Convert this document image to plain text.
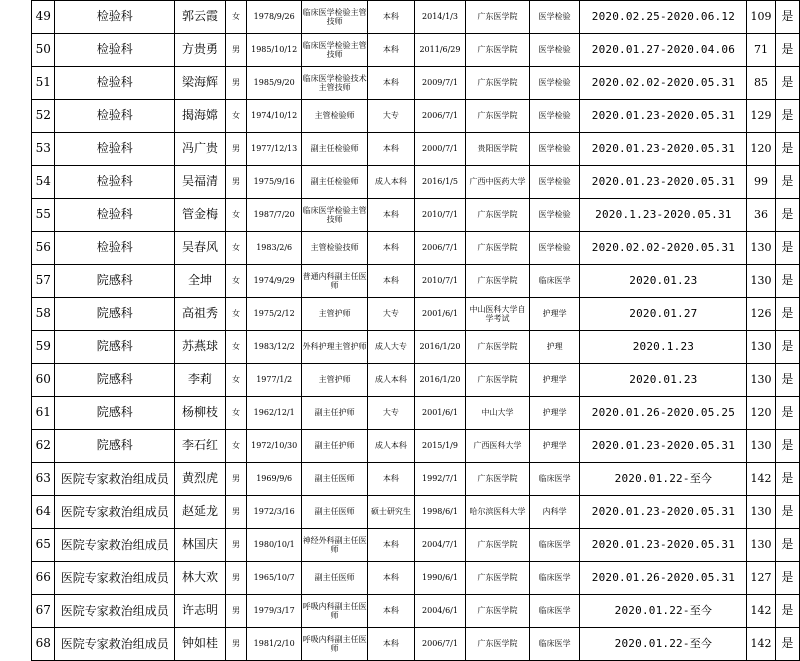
49	检验科	郭云霞	女	1978/9/26	临床医学检验主管技师	本科	2014/1/3	广东医学院	医学检验	2020.02.25-2020.06.12	109	是
50	检验科	方贵勇	男	1985/10/12	临床医学检验主管技师	本科	2011/6/29	广东医学院	医学检验	2020.01.27-2020.04.06	71	是
51	检验科	梁海辉	男	1985/9/20	临床医学检验技术主管技师	本科	2009/7/1	广东医学院	医学检验	2020.02.02-2020.05.31	85	是
52	检验科	揭海嫦	女	1974/10/12	主管检验师	大专	2006/7/1	广东医学院	医学检验	2020.01.23-2020.05.31	129	是
53	检验科	冯广贵	男	1977/12/13	副主任检验师	本科	2000/7/1	贵阳医学院	医学检验	2020.01.23-2020.05.31	120	是
54	检验科	吴福清	男	1975/9/16	副主任检验师	成人本科	2016/1/5	广西中医药大学	医学检验	2020.01.23-2020.05.31	99	是
55	检验科	管金梅	女	1987/7/20	临床医学检验主管技师	本科	2010/7/1	广东医学院	医学检验	2020.1.23-2020.05.31	36	是
56	检验科	吴春风	女	1983/2/6	主管检验技师	本科	2006/7/1	广东医学院	医学检验	2020.02.02-2020.05.31	130	是
57	院感科	全坤	女	1974/9/29	普通内科副主任医师	本科	2010/7/1	广东医学院	临床医学	2020.01.23	130	是
58	院感科	高祖秀	女	1975/2/12	主管护师	大专	2001/6/1	中山医科大学自学考试	护理学	2020.01.27	126	是
59	院感科	苏燕球	女	1983/12/2	外科护理主管护师	成人大专	2016/1/20	广东医学院	护理	2020.1.23	130	是
60	院感科	李莉	女	1977/1/2	主管护师	成人本科	2016/1/20	广东医学院	护理学	2020.01.23	130	是
61	院感科	杨柳枝	女	1962/12/1	副主任护师	大专	2001/6/1	中山大学	护理学	2020.01.26-2020.05.25	120	是
62	院感科	李石红	女	1972/10/30	副主任护师	成人本科	2015/1/9	广西医科大学	护理学	2020.01.23-2020.05.31	130	是
63	医院专家救治组成员	黄烈虎	男	1969/9/6	副主任医师	本科	1992/7/1	广东医学院	临床医学	2020.01.22-至今	142	是
64	医院专家救治组成员	赵延龙	男	1972/3/16	副主任医师	硕士研究生	1998/6/1	哈尔滨医科大学	内科学	2020.01.23-2020.05.31	130	是
65	医院专家救治组成员	林国庆	男	1980/10/1	神经外科副主任医师	本科	2004/7/1	广东医学院	临床医学	2020.01.23-2020.05.31	130	是
66	医院专家救治组成员	林大欢	男	1965/10/7	副主任医师	本科	1990/6/1	广东医学院	临床医学	2020.01.26-2020.05.31	127	是
67	医院专家救治组成员	许志明	男	1979/3/17	呼吸内科副主任医师	本科	2004/6/1	广东医学院	临床医学	2020.01.22-至今	142	是
68	医院专家救治组成员	钟如桂	男	1981/2/10	呼吸内科副主任医师	本科	2006/7/1	广东医学院	临床医学	2020.01.22-至今	142	是
